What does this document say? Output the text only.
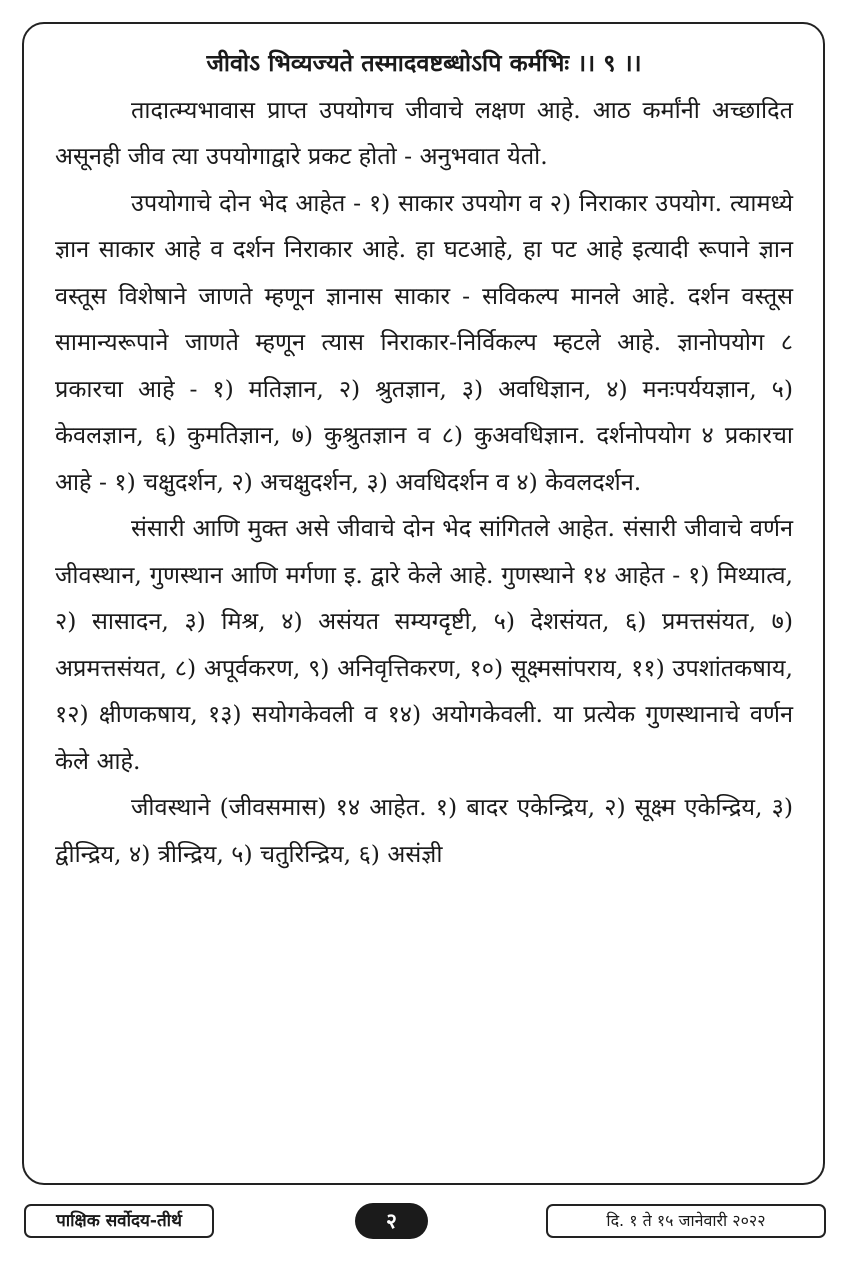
जीवोऽ भिव्यज्यते तस्मादवष्टब्धोऽपि कर्मभिः ।। ९ ।।

तादात्म्यभावास प्राप्त उपयोगच जीवाचे लक्षण आहे. आठ कर्मांनी अच्छादित असूनही जीव त्या उपयोगाद्वारे प्रकट होतो - अनुभवात येतो.

उपयोगाचे दोन भेद आहेत - १) साकार उपयोग व २) निराकार उपयोग. त्यामध्ये ज्ञान साकार आहे व दर्शन निराकार आहे. हा घटआहे, हा पट आहे इत्यादी रूपाने ज्ञान वस्तूस विशेषाने जाणते म्हणून ज्ञानास साकार - सविकल्प मानले आहे. दर्शन वस्तूस सामान्यरूपाने जाणते म्हणून त्यास निराकार-निर्विकल्प म्हटले आहे. ज्ञानोपयोग ८ प्रकारचा आहे - १) मतिज्ञान, २) श्रुतज्ञान, ३) अवधिज्ञान, ४) मनःपर्ययज्ञान, ५) केवलज्ञान, ६) कुमतिज्ञान, ७) कुश्रुतज्ञान व ८) कुअवधिज्ञान. दर्शनोपयोग ४ प्रकारचा आहे - १) चक्षुदर्शन, २) अचक्षुदर्शन, ३) अवधिदर्शन व ४) केवलदर्शन.

संसारी आणि मुक्त असे जीवाचे दोन भेद सांगितले आहेत. संसारी जीवाचे वर्णन जीवस्थान, गुणस्थान आणि मर्गणा इ. द्वारे केले आहे. गुणस्थाने १४ आहेत - १) मिथ्यात्व, २) सासादन, ३) मिश्र, ४) असंयत सम्यग्दृष्टी, ५) देशसंयत, ६) प्रमत्तसंयत, ७) अप्रमत्तसंयत, ८) अपूर्वकरण, ९) अनिवृत्तिकरण, १०) सूक्ष्मसांपराय, ११) उपशांतकषाय, १२) क्षीणकषाय, १३) सयोगकेवली व १४) अयोगकेवली. या प्रत्येक गुणस्थानाचे वर्णन केले आहे.

जीवस्थाने (जीवसमास) १४ आहेत. १) बादर एकेन्द्रिय, २) सूक्ष्म एकेन्द्रिय, ३) द्वीन्द्रिय, ४) त्रीन्द्रिय, ५) चतुरिन्द्रिय, ६) असंज्ञी

पाक्षिक सर्वोदय-तीर्थ	२	दि. १ ते १५ जानेवारी २०२२
